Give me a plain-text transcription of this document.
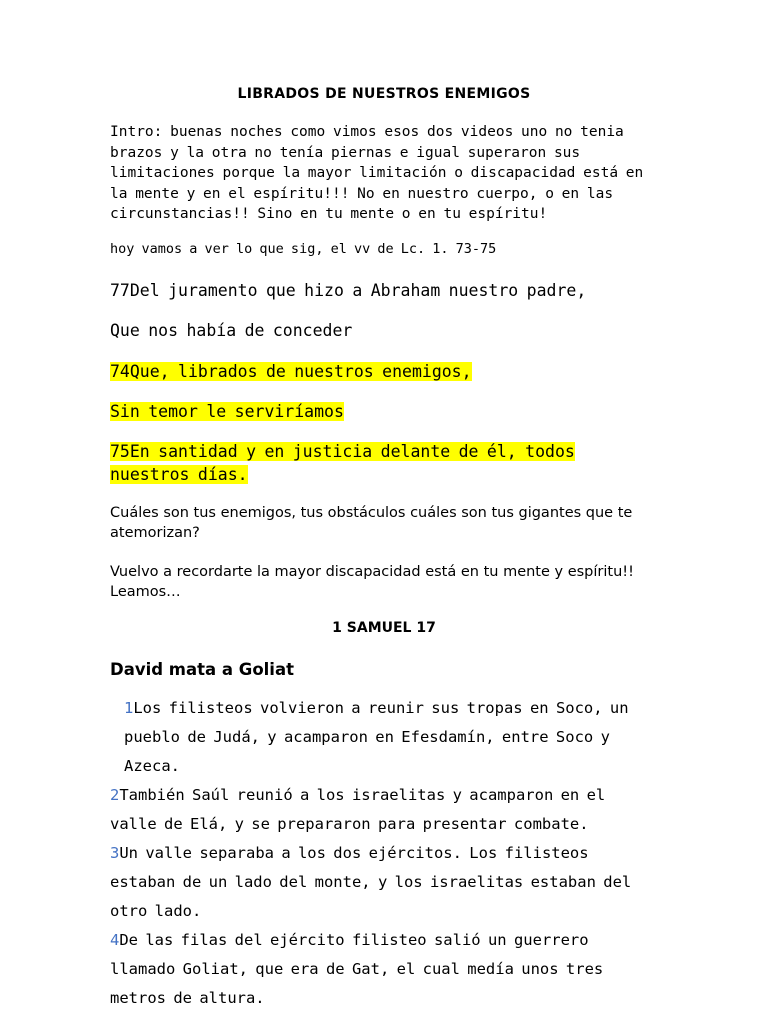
LIBRADOS DE NUESTROS ENEMIGOS
Intro: buenas noches como vimos esos dos videos uno no tenia brazos y la otra no tenía piernas e igual superaron sus limitaciones porque la mayor limitación o discapacidad está en la mente y en el espíritu!!! No en nuestro cuerpo, o en las circunstancias!! Sino en tu mente o en tu espíritu!
hoy vamos a ver lo que sig, el vv de Lc. 1. 73-75
77Del juramento que hizo a Abraham nuestro padre,
Que nos había de conceder
74Que, librados de nuestros enemigos,
Sin temor le serviríamos
75En santidad y en justicia delante de él, todos nuestros días.
Cuáles son tus enemigos, tus obstáculos cuáles son tus gigantes que te atemorizan?
Vuelvo a recordarte la mayor discapacidad está en tu mente y espíritu!! Leamos…
1 SAMUEL 17
David mata a Goliat
1Los filisteos volvieron a reunir sus tropas en Soco, un pueblo de Judá, y acamparon en Efesdamín, entre Soco y Azeca.
2También Saúl reunió a los israelitas y acamparon en el valle de Elá, y se prepararon para presentar combate.
3Un valle separaba a los dos ejércitos. Los filisteos estaban de un lado del monte, y los israelitas estaban del otro lado.
4De las filas del ejército filisteo salió un guerrero llamado Goliat, que era de Gat, el cual medía unos tres metros de altura.
